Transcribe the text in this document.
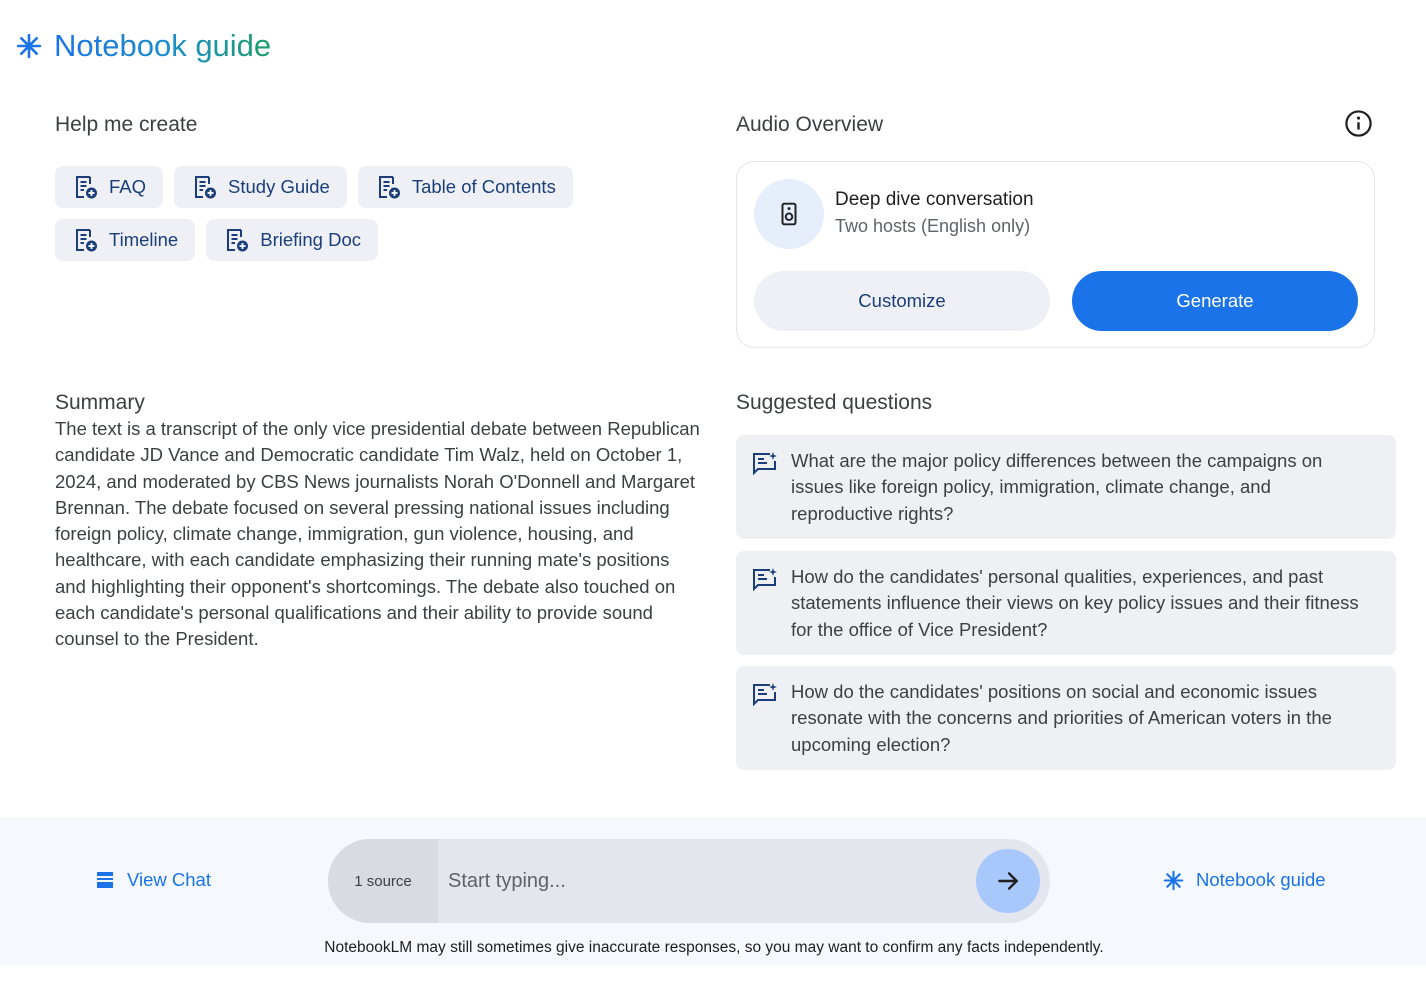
Notebook guide
Help me create
FAQ	Study Guide	Table of Contents
Timeline	Briefing Doc
Audio Overview
Deep dive conversation
Two hosts (English only)
Customize	Generate
Summary
The text is a transcript of the only vice presidential debate between Republican candidate JD Vance and Democratic candidate Tim Walz, held on October 1, 2024, and moderated by CBS News journalists Norah O'Donnell and Margaret Brennan. The debate focused on several pressing national issues including foreign policy, climate change, immigration, gun violence, housing, and healthcare, with each candidate emphasizing their running mate's positions and highlighting their opponent's shortcomings. The debate also touched on each candidate's personal qualifications and their ability to provide sound counsel to the President.
Suggested questions
What are the major policy differences between the campaigns on issues like foreign policy, immigration, climate change, and reproductive rights?
How do the candidates' personal qualities, experiences, and past statements influence their views on key policy issues and their fitness for the office of Vice President?
How do the candidates' positions on social and economic issues resonate with the concerns and priorities of American voters in the upcoming election?
View Chat	1 source
Start typing...	Notebook guide
NotebookLM may still sometimes give inaccurate responses, so you may want to confirm any facts independently.
